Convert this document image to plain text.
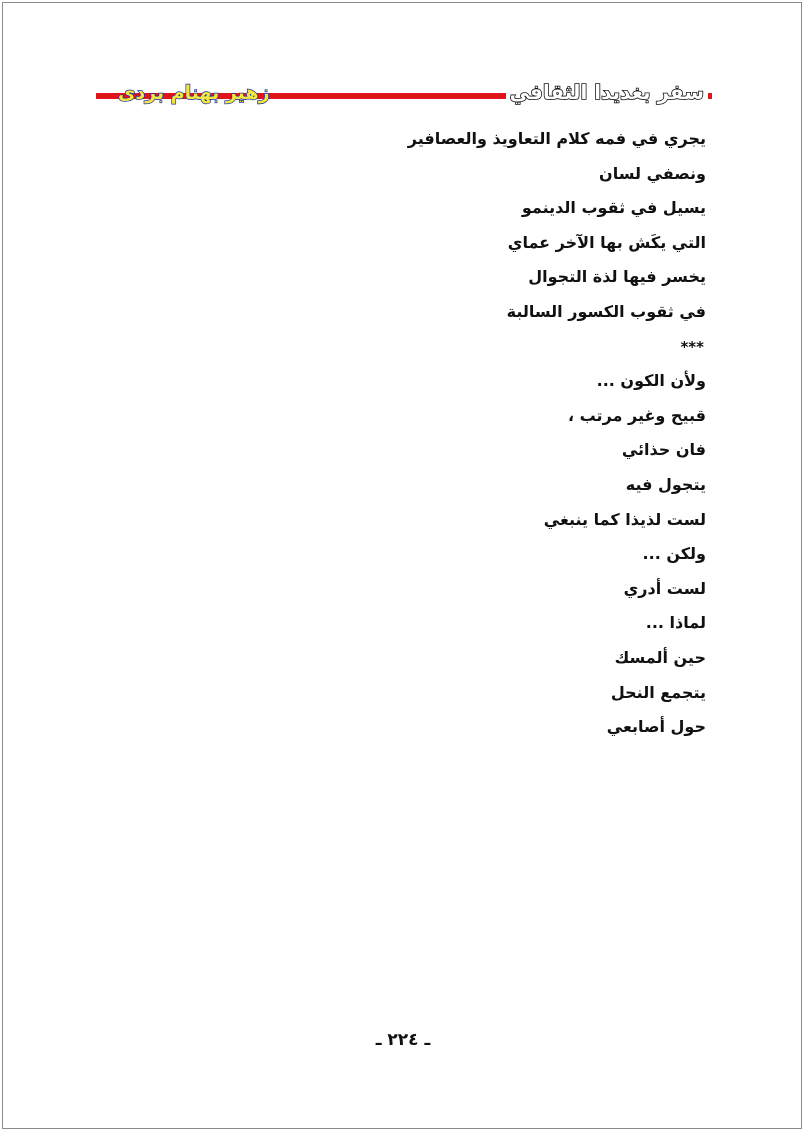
زهير بهنام بردى	سفر بغديدا الثقافي
يجري في فمه كلام التعاويذ والعصافير
ونصفي لسان
يسيل في ثقوب الدينمو
التي يكَش بها الآخر عماي
يخسر فيها لذة التجوال
في ثقوب الكسور السالبة
***
ولأن الكون ...
قبيح وغير مرتب ،
فان حذائي
يتجول فيه
لست لذيذا كما ينبغي
ولكن ...
لست أدري
لماذا ...
حين ألمسك
يتجمع النحل
حول أصابعي
ـ ٢٢٤ ـ
